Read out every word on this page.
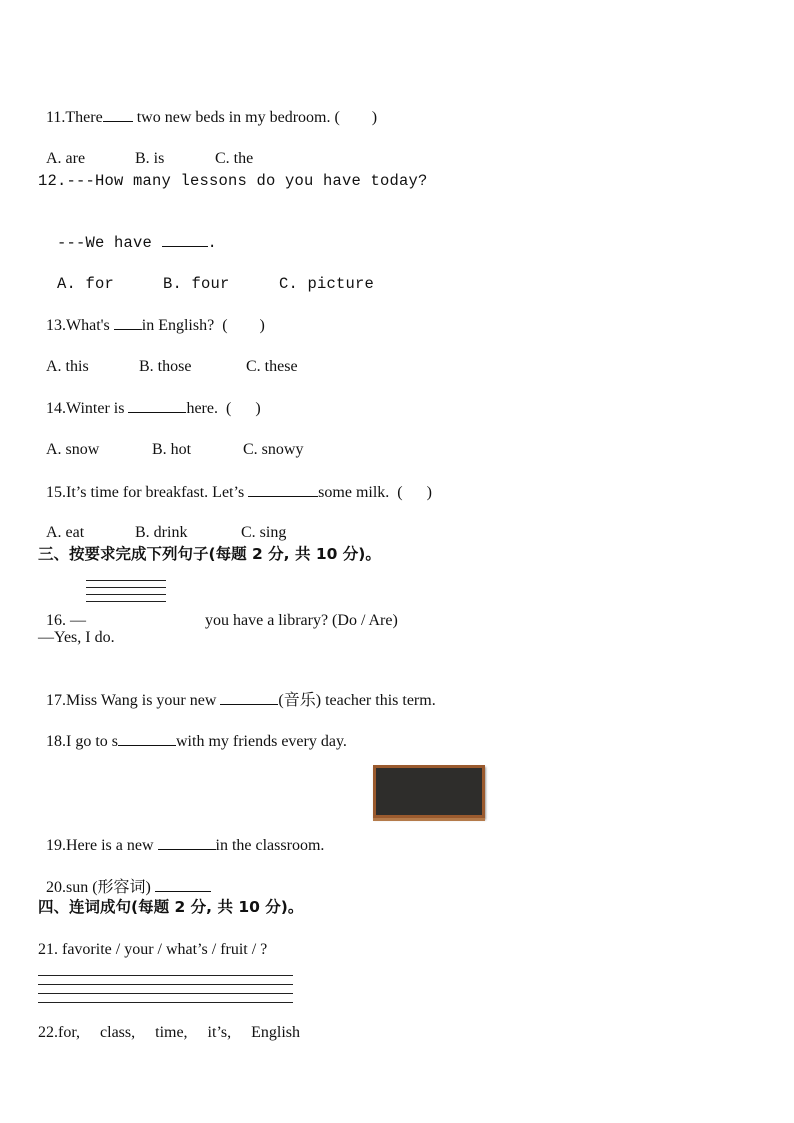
11.There two new beds in my bedroom. (        )

A. are	B. is	C. the

12.---How many lessons do you have today?

---We have	.

A. for	B. four	C. picture

13.What's in English?  (        )

A. this	B. those	C. these

14.Winter is	here.  (      )

A. snow	B. hot	C. snowy

15.It’s time for breakfast. Let’s	some milk.  (      )

A. eat	B. drink	C. sing

三、按要求完成下列句子(每题 2 分, 共 10 分)。

16. —	you have a library? (Do / Are)

—Yes, I do.

17.Miss Wang is your new	(音乐) teacher this term.

18.I go to s	with my friends every day.

19.Here is a new	in the classroom.

20.sun (形容词)

四、连词成句(每题 2 分, 共 10 分)。
21. favorite / your / what’s / fruit / ?
22.for,     class,     time,     it’s,     English
